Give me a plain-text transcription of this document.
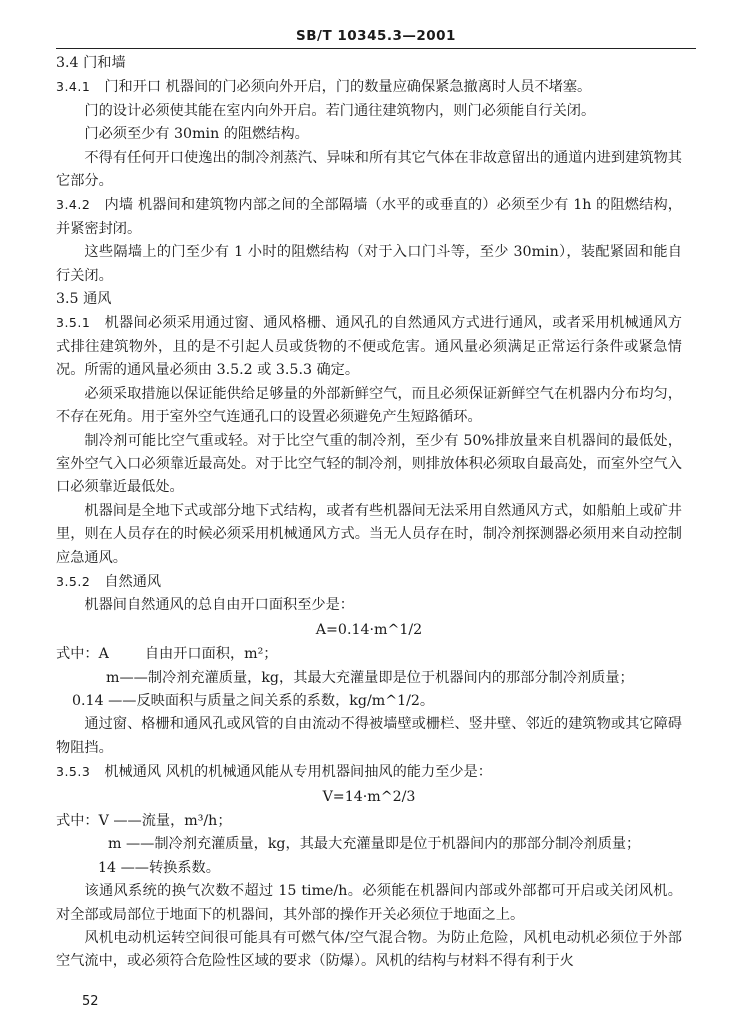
SB/T 10345.3—2001

3.4 门和墙

3.4.1 门和开口 机器间的门必须向外开启，门的数量应确保紧急撤离时人员不堵塞。

门的设计必须使其能在室内向外开启。若门通往建筑物内，则门必须能自行关闭。

门必须至少有 30min 的阻燃结构。

不得有任何开口使逸出的制冷剂蒸汽、异味和所有其它气体在非故意留出的通道内进到建筑物其它部分。

3.4.2 内墙 机器间和建筑物内部之间的全部隔墙（水平的或垂直的）必须至少有 1h 的阻燃结构，并紧密封闭。

这些隔墙上的门至少有 1 小时的阻燃结构（对于入口门斗等，至少 30min），装配紧固和能自行关闭。

3.5 通风

3.5.1 机器间必须采用通过窗、通风格栅、通风孔的自然通风方式进行通风，或者采用机械通风方式排往建筑物外，且的是不引起人员或货物的不便或危害。通风量必须满足正常运行条件或紧急情况。所需的通风量必须由 3.5.2 或 3.5.3 确定。

必须采取措施以保证能供给足够量的外部新鲜空气，而且必须保证新鲜空气在机器内分布均匀，不存在死角。用于室外空气连通孔口的设置必须避免产生短路循环。

制冷剂可能比空气重或轻。对于比空气重的制冷剂，至少有 50%排放量来自机器间的最低处，室外空气入口必须靠近最高处。对于比空气轻的制冷剂，则排放体积必须取自最高处，而室外空气入口必须靠近最低处。

机器间是全地下式或部分地下式结构，或者有些机器间无法采用自然通风方式，如船舶上或矿井里，则在人员存在的时候必须采用机械通风方式。当无人员存在时，制冷剂探测器必须用来自动控制应急通风。

3.5.2 自然通风

机器间自然通风的总自由开口面积至少是：

A=0.14·m^1/2

式中：A	自由开口面积，m²；

m——制冷剂充灌质量，kg，其最大充灌量即是位于机器间内的那部分制冷剂质量；

0.14 ——反映面积与质量之间关系的系数，kg/m^1/2。

通过窗、格栅和通风孔或风管的自由流动不得被墙壁或栅栏、竖井壁、邻近的建筑物或其它障碍物阻挡。

3.5.3 机械通风 风机的机械通风能从专用机器间抽风的能力至少是：

V=14·m^2/3

式中：V ——流量，m³/h；

m ——制冷剂充灌质量，kg，其最大充灌量即是位于机器间内的那部分制冷剂质量；

14 ——转换系数。

该通风系统的换气次数不超过 15 time/h。必须能在机器间内部或外部都可开启或关闭风机。对全部或局部位于地面下的机器间，其外部的操作开关必须位于地面之上。

风机电动机运转空间很可能具有可燃气体/空气混合物。为防止危险，风机电动机必须位于外部空气流中，或必须符合危险性区域的要求（防爆）。风机的结构与材料不得有利于火

52
